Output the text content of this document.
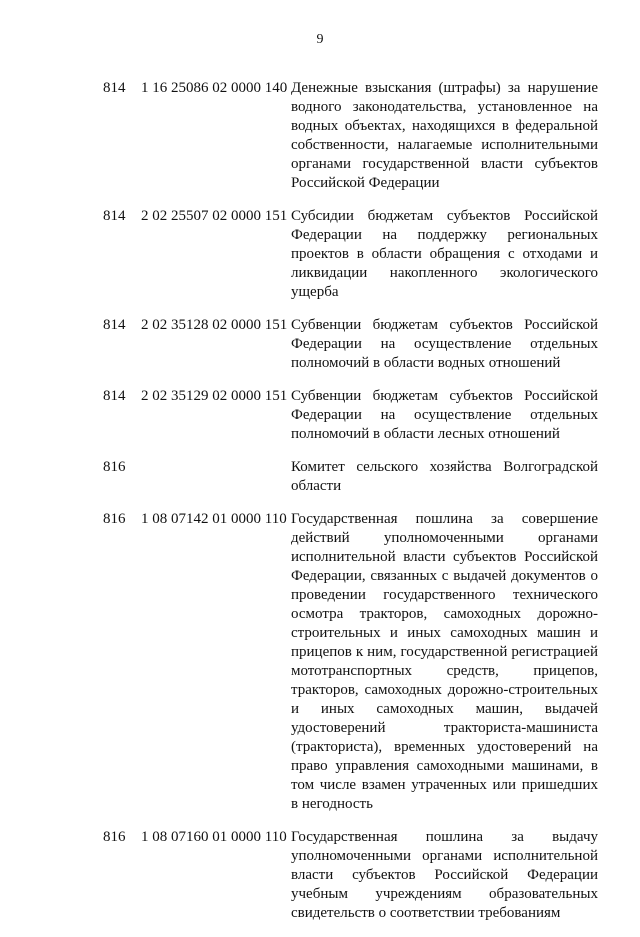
9
814 1 16 25086 02 0000 140 Денежные взыскания (штрафы) за нарушение водного законодательства, установленное на водных объектах, находящихся в федеральной собственности, налагаемые исполнительными органами государственной власти субъектов Российской Федерации
814 2 02 25507 02 0000 151 Субсидии бюджетам субъектов Российской Федерации на поддержку региональных проектов в области обращения с отходами и ликвидации накопленного экологического ущерба
814 2 02 35128 02 0000 151 Субвенции бюджетам субъектов Российской Федерации на осуществление отдельных полномочий в области водных отношений
814 2 02 35129 02 0000 151 Субвенции бюджетам субъектов Российской Федерации на осуществление отдельных полномочий в области лесных отношений
816	Комитет сельского хозяйства Волгоградской области
816 1 08 07142 01 0000 110 Государственная пошлина за совершение действий уполномоченными органами исполнительной власти субъектов Российской Федерации, связанных с выдачей документов о проведении государственного технического осмотра тракторов, самоходных дорожно-строительных и иных самоходных машин и прицепов к ним, государственной регистрацией мототранспортных средств, прицепов, тракторов, самоходных дорожно-строительных и иных самоходных машин, выдачей удостоверений тракториста-машиниста (тракториста), временных удостоверений на право управления самоходными машинами, в том числе взамен утраченных или пришедших в негодность
816 1 08 07160 01 0000 110 Государственная пошлина за выдачу уполномоченными органами исполнительной власти субъектов Российской Федерации учебным учреждениям образовательных свидетельств о соответствии требованиям
